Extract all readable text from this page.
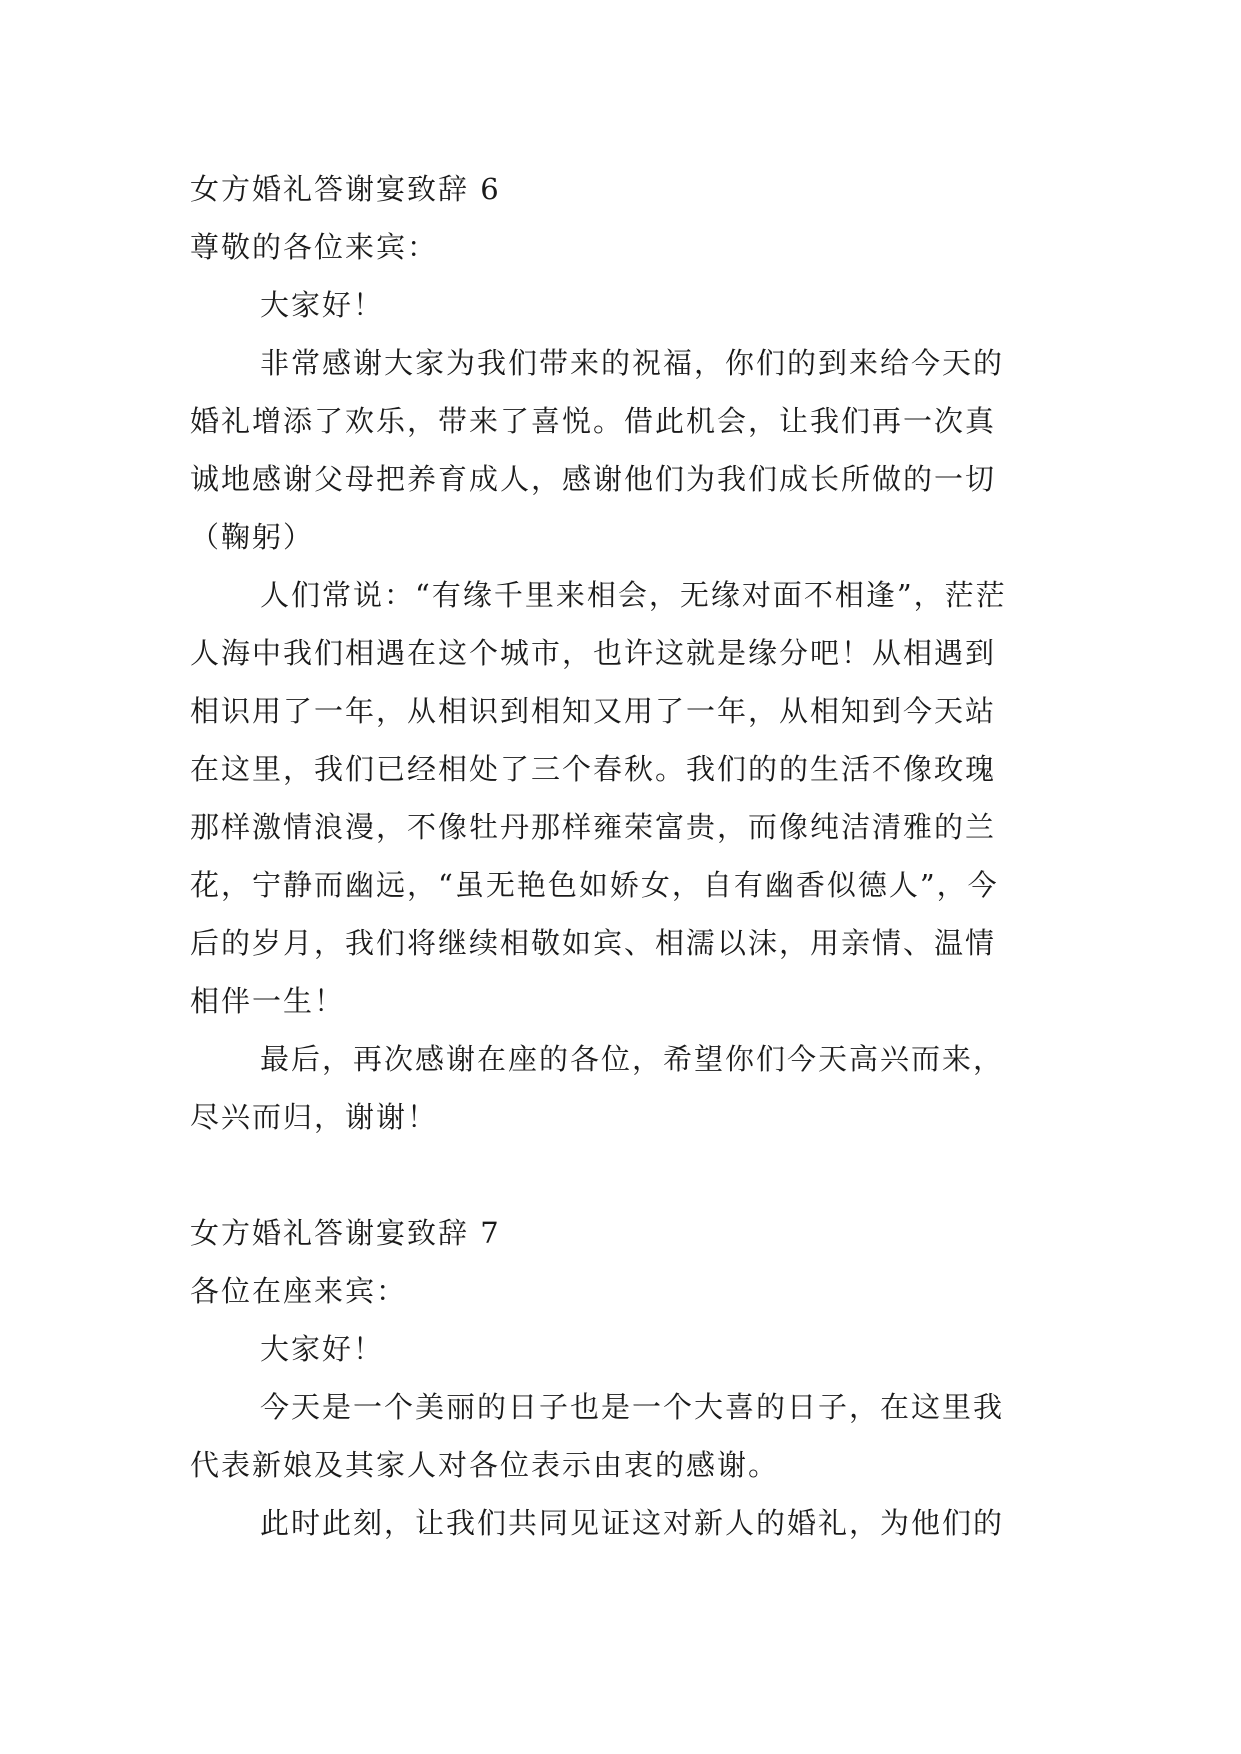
女方婚礼答谢宴致辞 6

尊敬的各位来宾：

大家好！

非常感谢大家为我们带来的祝福，你们的到来给今天的

婚礼增添了欢乐，带来了喜悦。借此机会，让我们再一次真

诚地感谢父母把养育成人，感谢他们为我们成长所做的一切

（鞠躬）

人们常说：“有缘千里来相会，无缘对面不相逢”，茫茫

人海中我们相遇在这个城市，也许这就是缘分吧！从相遇到

相识用了一年，从相识到相知又用了一年，从相知到今天站

在这里，我们已经相处了三个春秋。我们的的生活不像玫瑰

那样激情浪漫，不像牡丹那样雍荣富贵，而像纯洁清雅的兰

花，宁静而幽远，“虽无艳色如娇女，自有幽香似德人”，今

后的岁月，我们将继续相敬如宾、相濡以沫，用亲情、温情

相伴一生！

最后，再次感谢在座的各位，希望你们今天高兴而来，

尽兴而归，谢谢！

女方婚礼答谢宴致辞 7

各位在座来宾：

大家好！

今天是一个美丽的日子也是一个大喜的日子，在这里我

代表新娘及其家人对各位表示由衷的感谢。

此时此刻，让我们共同见证这对新人的婚礼，为他们的
